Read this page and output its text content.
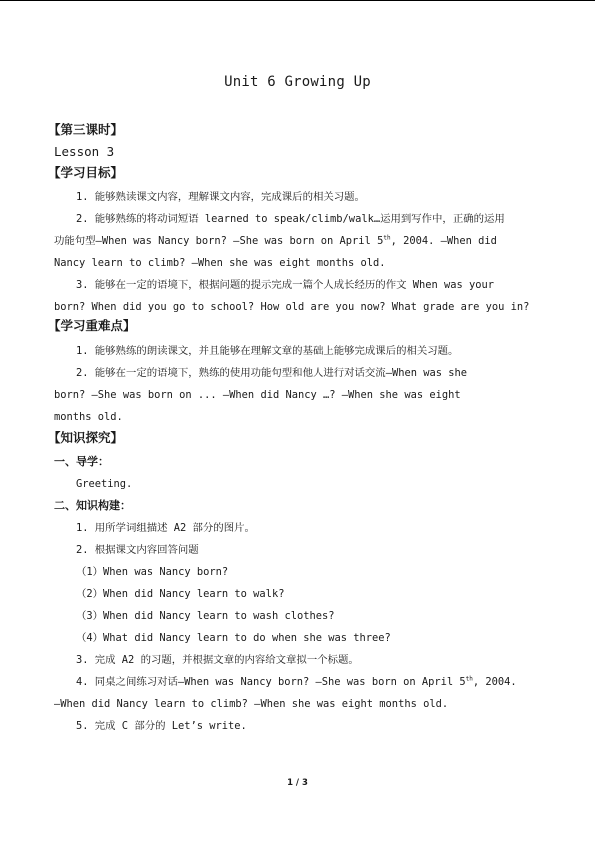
Unit 6 Growing Up
【第三课时】
Lesson 3
【学习目标】
1. 能够熟读课文内容，理解课文内容，完成课后的相关习题。
2. 能够熟练的将动词短语 learned to speak/climb/walk…运用到写作中，正确的运用
功能句型—When was Nancy born? —She was born on April 5th, 2004. —When did
Nancy learn to climb? —When she was eight months old.
3. 能够在一定的语境下，根据问题的提示完成一篇个人成长经历的作文 When was your
born? When did you go to school? How old are you now? What grade are you in?
【学习重难点】
1. 能够熟练的朗读课文，并且能够在理解文章的基础上能够完成课后的相关习题。
2. 能够在一定的语境下，熟练的使用功能句型和他人进行对话交流—When was she
born? —She was born on ... —When did Nancy …? —When she was eight
months old.
【知识探究】
一、导学：
Greeting.
二、知识构建：
1. 用所学词组描述 A2 部分的图片。
2. 根据课文内容回答问题
（1）When was Nancy born?
（2）When did Nancy learn to walk?
（3）When did Nancy learn to wash clothes?
（4）What did Nancy learn to do when she was three?
3. 完成 A2 的习题，并根据文章的内容给文章拟一个标题。
4. 同桌之间练习对话—When was Nancy born? —She was born on April 5th, 2004.
—When did Nancy learn to climb? —When she was eight months old.
5. 完成 C 部分的 Let’s write.
1 / 3
